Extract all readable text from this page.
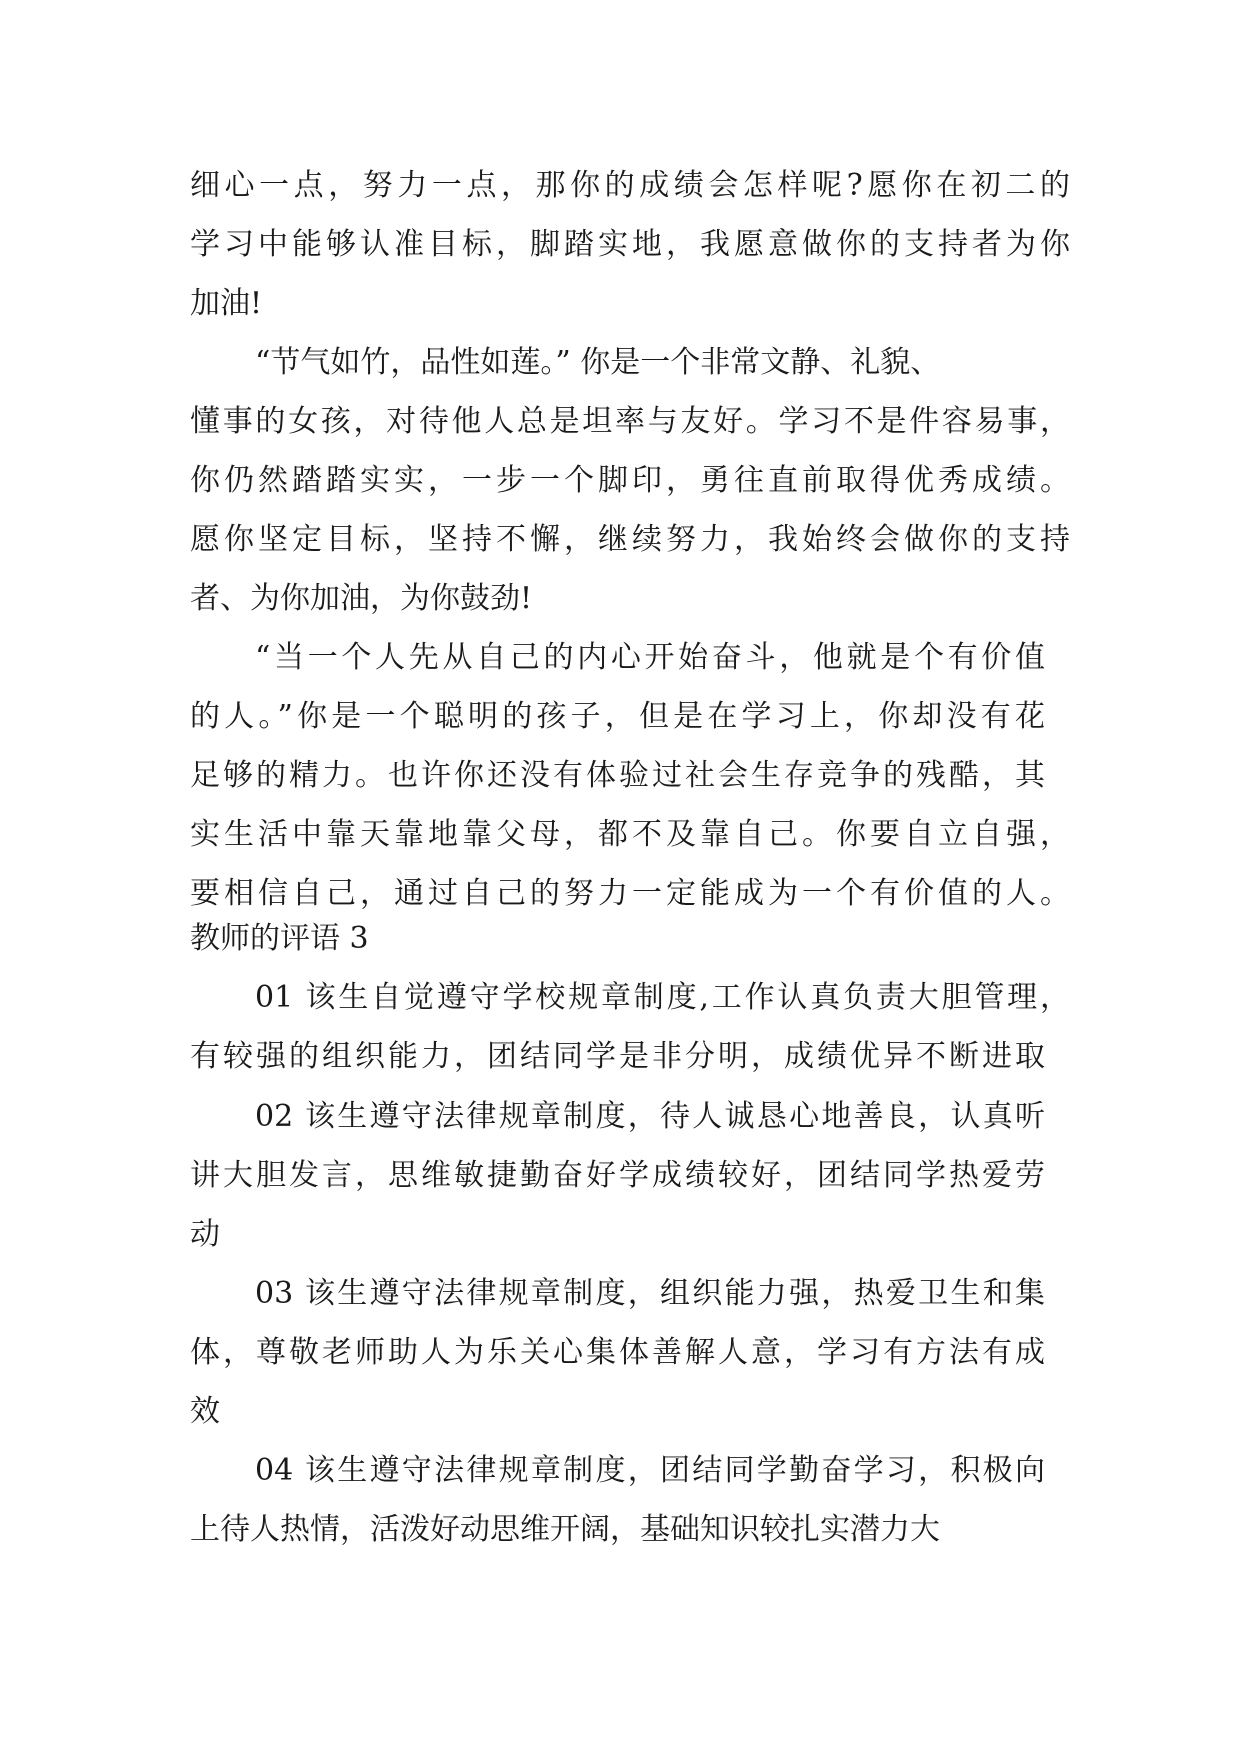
细心一点，努力一点，那你的成绩会怎样呢?愿你在初二的
学习中能够认准目标，脚踏实地，我愿意做你的支持者为你
加油!
“节气如竹，品性如莲。” 你是一个非常文静、礼貌、
懂事的女孩，对待他人总是坦率与友好。学习不是件容易事，
你仍然踏踏实实，一步一个脚印，勇往直前取得优秀成绩。
愿你坚定目标，坚持不懈，继续努力，我始终会做你的支持
者、为你加油，为你鼓劲!
“当一个人先从自己的内心开始奋斗，他就是个有价值
的人。”你是一个聪明的孩子，但是在学习上，你却没有花
足够的精力。也许你还没有体验过社会生存竞争的残酷，其
实生活中靠天靠地靠父母，都不及靠自己。你要自立自强，
要相信自己，通过自己的努力一定能成为一个有价值的人。
教师的评语 3
01 该生自觉遵守学校规章制度,工作认真负责大胆管理，
有较强的组织能力，团结同学是非分明，成绩优异不断进取
02 该生遵守法律规章制度，待人诚恳心地善良，认真听
讲大胆发言，思维敏捷勤奋好学成绩较好，团结同学热爱劳
动
03 该生遵守法律规章制度，组织能力强，热爱卫生和集
体，尊敬老师助人为乐关心集体善解人意，学习有方法有成
效
04 该生遵守法律规章制度，团结同学勤奋学习，积极向
上待人热情，活泼好动思维开阔，基础知识较扎实潜力大
